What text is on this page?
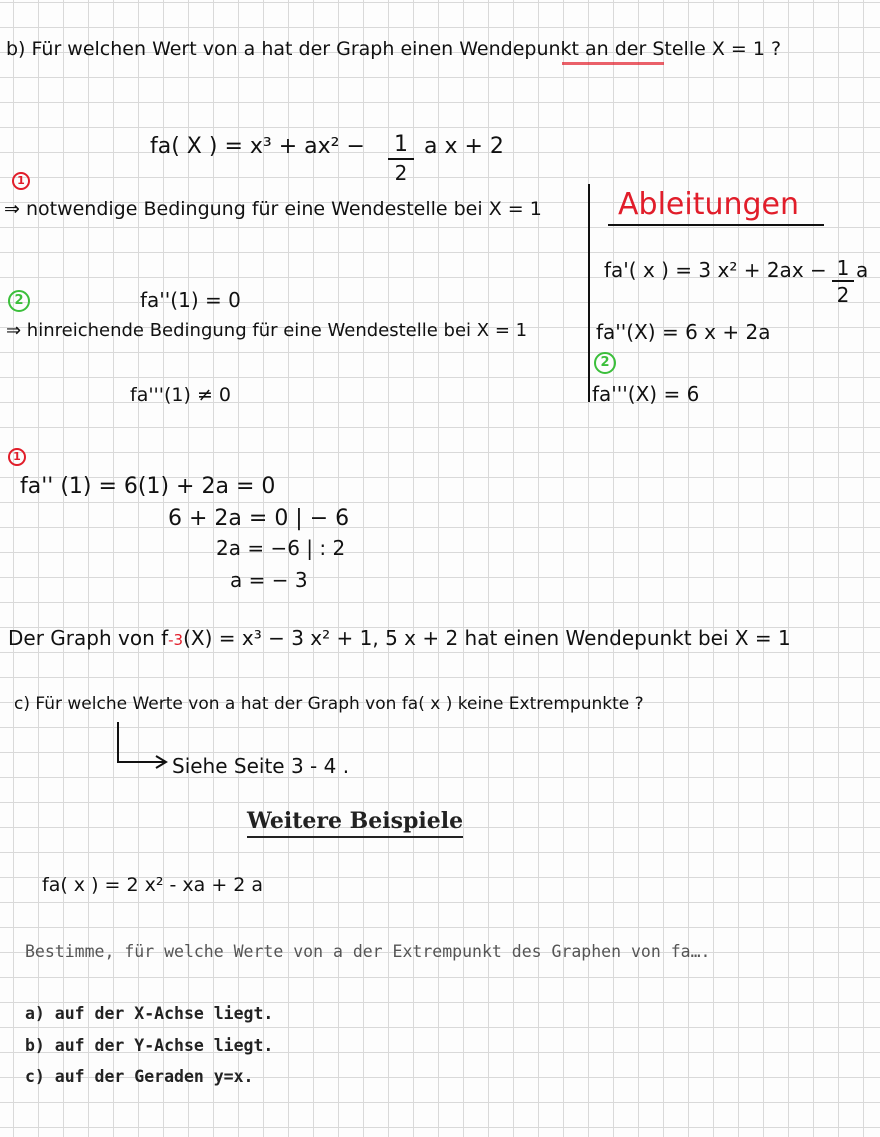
b) Für welchen Wert von a hat der Graph einen Wendepunkt an der Stelle X = 1 ?
fa( X ) = x³ + ax² − 1
2
a x + 2
1
⇒ notwendige Bedingung für eine Wendestelle bei X = 1	Ableitungen
fa'( x ) = 3 x² + 2ax − 1
2
a
2	fa''(1) = 0
fa''(X) = 6 x + 2a
⇒ hinreichende Bedingung für eine Wendestelle bei X = 1
2
fa'''(X) = 6
fa'''(1) ≠ 0
1
fa'' (1) = 6(1) + 2a = 0
6 + 2a = 0 | − 6
2a = −6 | : 2
a = − 3
Der Graph von f-3(X) = x³ − 3 x² + 1, 5 x + 2 hat einen Wendepunkt bei X = 1
c) Für welche Werte von a hat der Graph von fa( x ) keine Extrempunkte ?
Siehe Seite 3 - 4 .
Weitere Beispiele
fa( x ) = 2 x² - xa + 2 a
Bestimme, für welche Werte von a der Extrempunkt des Graphen von fa….
a) auf der X-Achse liegt.
b) auf der Y-Achse liegt.
c) auf der Geraden y=x.
